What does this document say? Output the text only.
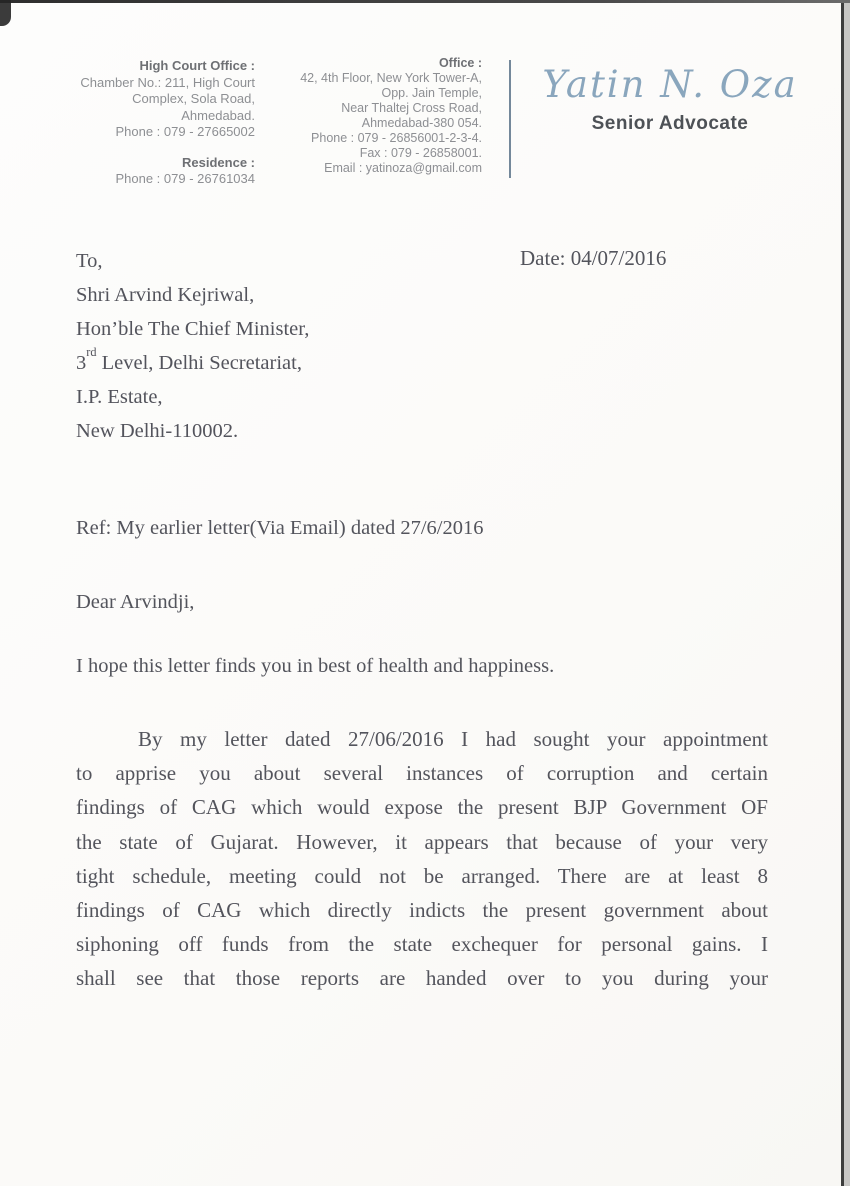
High Court Office :
Chamber No.: 211, High Court
Complex, Sola Road, Ahmedabad.
Phone : 079 - 27665002
Residence :
Phone : 079 - 26761034
Office :
42, 4th Floor, New York Tower-A,
Opp. Jain Temple,
Near Thaltej Cross Road,
Ahmedabad-380 054.
Phone : 079 - 26856001-2-3-4.
Fax : 079 - 26858001.
Email : yatinoza@gmail.com
Yatin N. Oza
Senior Advocate
Date: 04/07/2016
To,
Shri Arvind Kejriwal,
Hon’ble The Chief Minister,
3rd Level, Delhi Secretariat,
I.P. Estate,
New Delhi-110002.
Ref: My earlier letter(Via Email) dated 27/6/2016
Dear Arvindji,
I hope this letter finds you in best of health and happiness.
By my letter dated 27/06/2016 I had sought your appointment
to apprise you about several instances of corruption and certain
findings of CAG which would expose the present BJP Government OF
the state of Gujarat. However, it appears that because of your very
tight schedule, meeting could not be arranged. There are at least 8
findings of CAG which directly indicts the present government about
siphoning off funds from the state exchequer for personal gains. I
shall see that those reports are handed over to you during your
